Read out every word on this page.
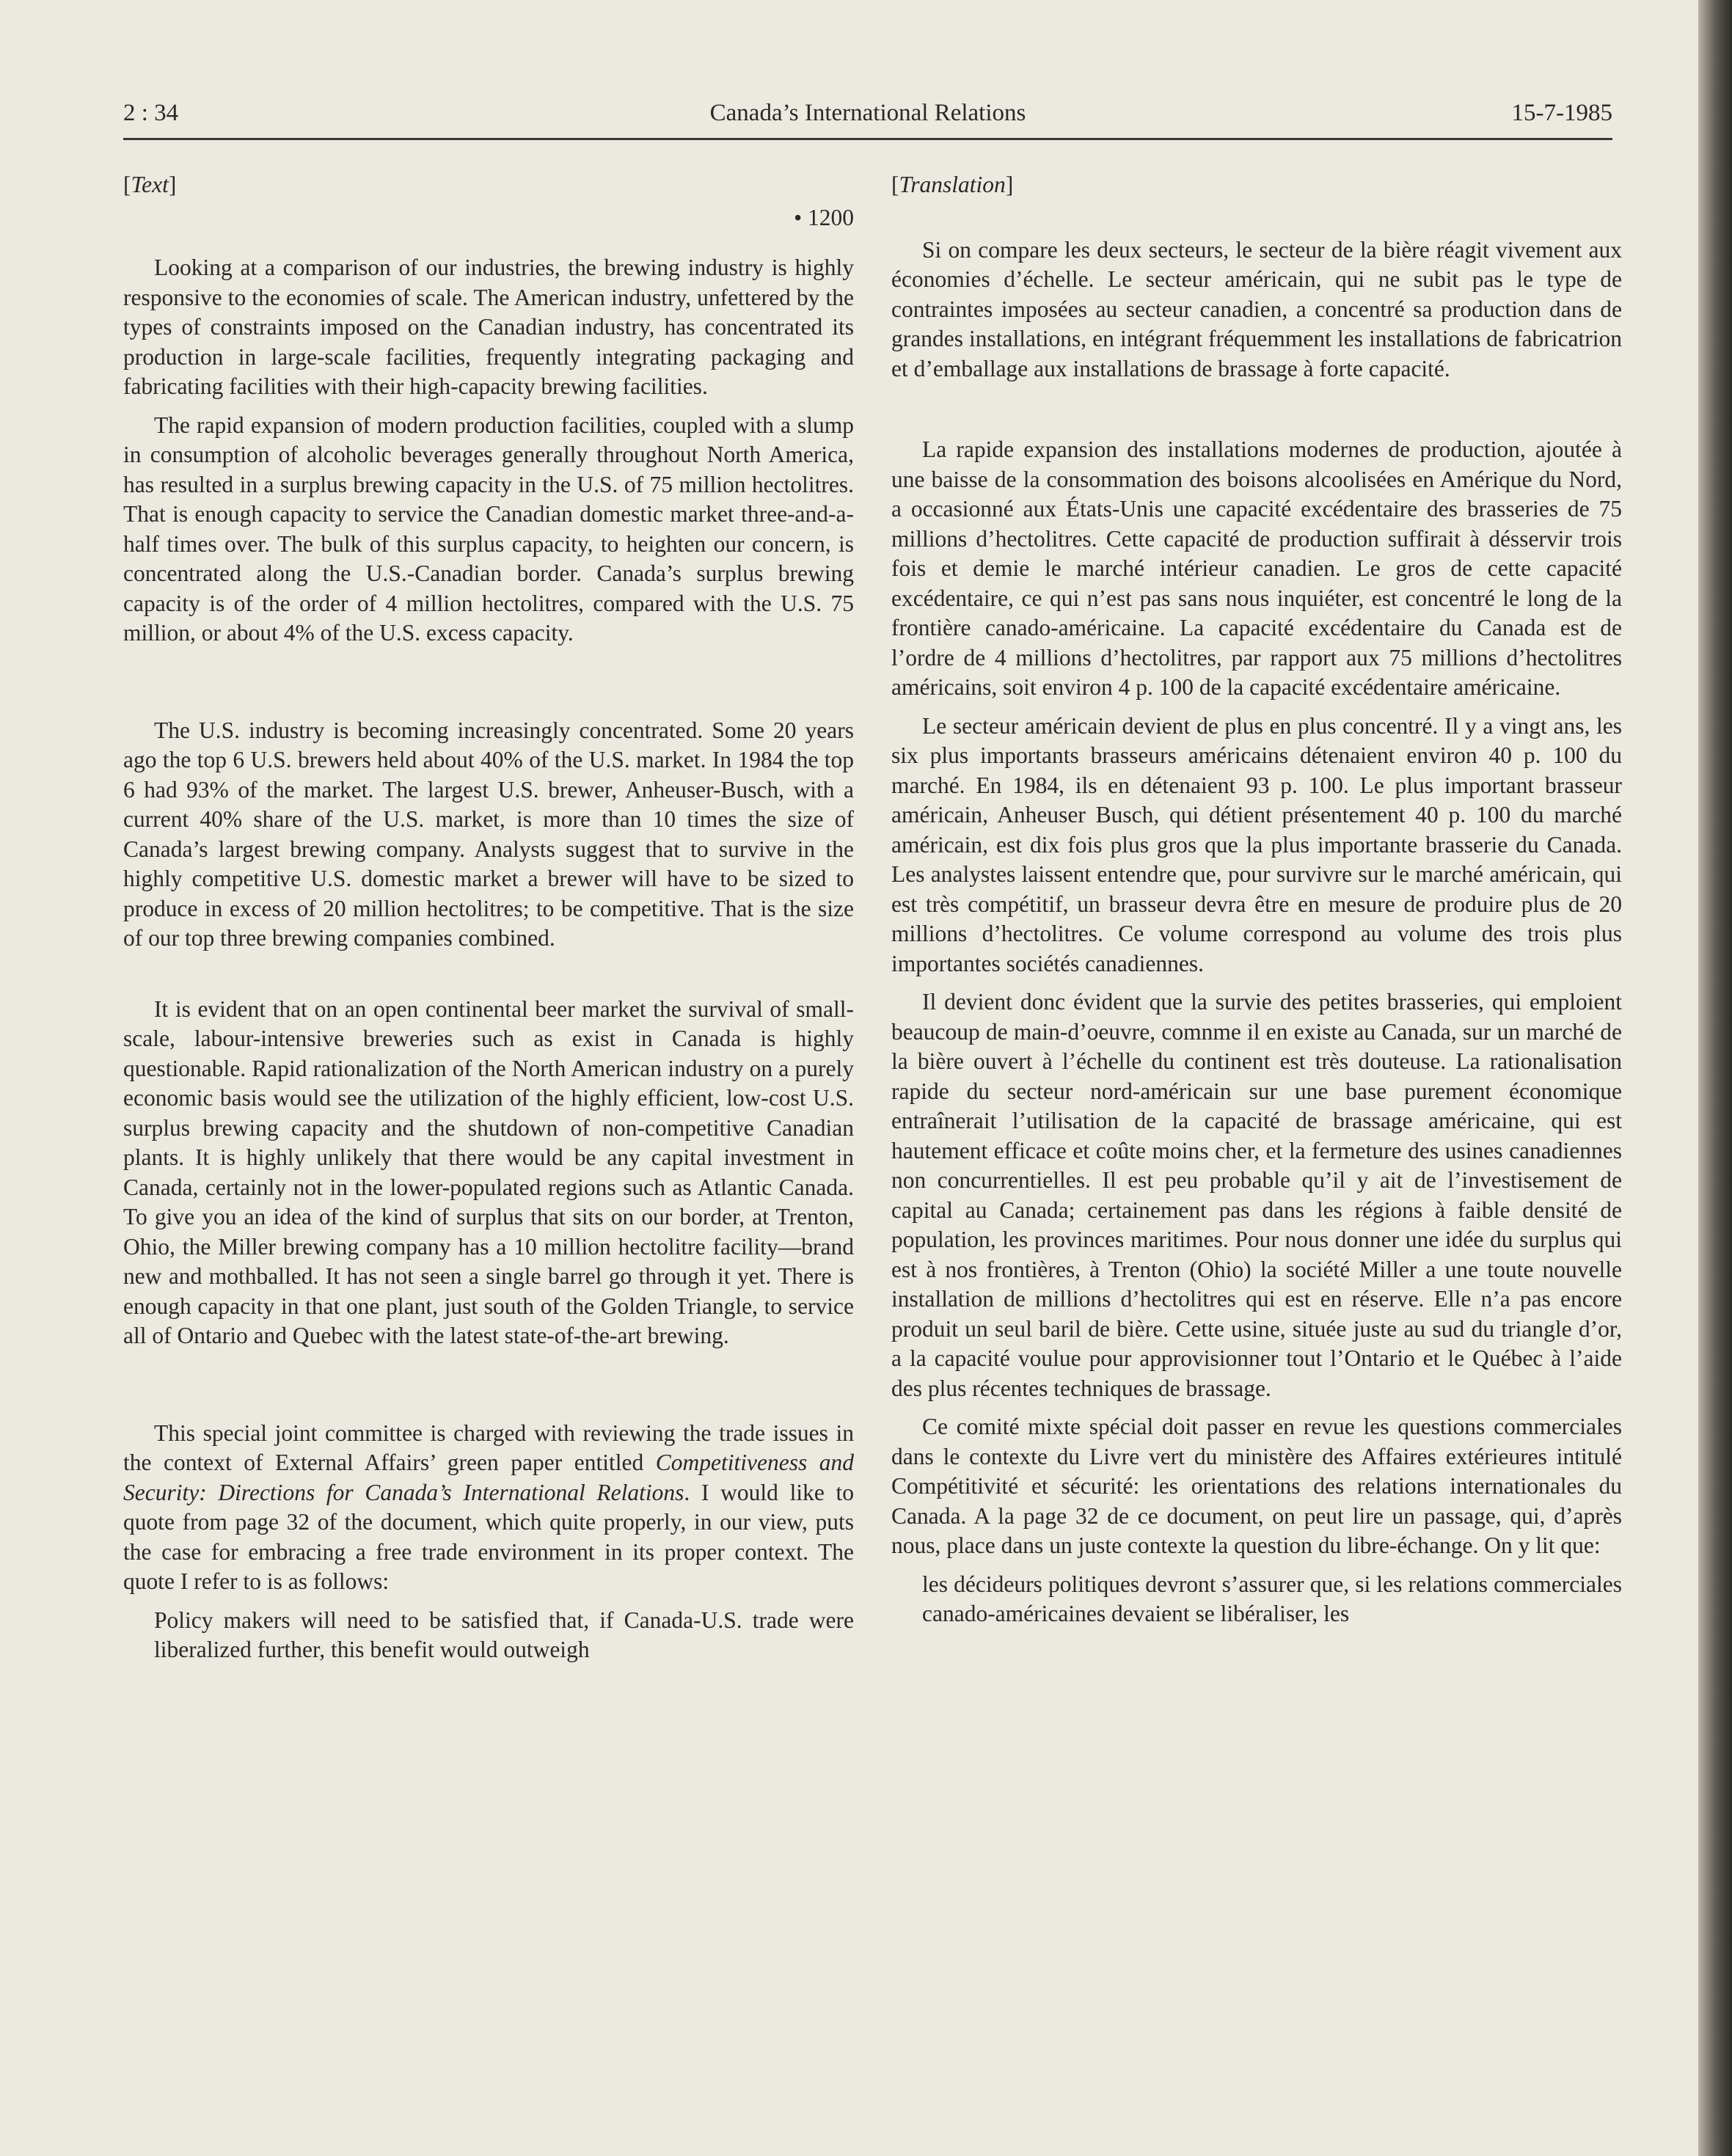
2 : 34	Canada’s International Relations	15-7-1985
[Text]
• 1200

Looking at a comparison of our industries, the brewing industry is highly responsive to the economies of scale. The American industry, unfettered by the types of constraints imposed on the Canadian industry, has concentrated its production in large-scale facilities, frequently integrating packaging and fabricating facilities with their high-capacity brewing facilities.

The rapid expansion of modern production facilities, coupled with a slump in consumption of alcoholic beverages generally throughout North America, has resulted in a surplus brewing capacity in the U.S. of 75 million hectolitres. That is enough capacity to service the Canadian domestic market three-and-a-half times over. The bulk of this surplus capacity, to heighten our concern, is concentrated along the U.S.-Canadian border. Canada’s surplus brewing capacity is of the order of 4 million hectolitres, compared with the U.S. 75 million, or about 4% of the U.S. excess capacity.

The U.S. industry is becoming increasingly concentrated. Some 20 years ago the top 6 U.S. brewers held about 40% of the U.S. market. In 1984 the top 6 had 93% of the market. The largest U.S. brewer, Anheuser-Busch, with a current 40% share of the U.S. market, is more than 10 times the size of Canada’s largest brewing company. Analysts suggest that to survive in the highly competitive U.S. domestic market a brewer will have to be sized to produce in excess of 20 million hectolitres; to be competitive. That is the size of our top three brewing companies combined.

It is evident that on an open continental beer market the survival of small-scale, labour-intensive breweries such as exist in Canada is highly questionable. Rapid rationalization of the North American industry on a purely economic basis would see the utilization of the highly efficient, low-cost U.S. surplus brewing capacity and the shutdown of non-competitive Canadian plants. It is highly unlikely that there would be any capital investment in Canada, certainly not in the lower-populated regions such as Atlantic Canada. To give you an idea of the kind of surplus that sits on our border, at Trenton, Ohio, the Miller brewing company has a 10 million hectolitre facility—brand new and mothballed. It has not seen a single barrel go through it yet. There is enough capacity in that one plant, just south of the Golden Triangle, to service all of Ontario and Quebec with the latest state-of-the-art brewing.

This special joint committee is charged with reviewing the trade issues in the context of External Affairs’ green paper entitled Competitiveness and Security: Directions for Canada’s International Relations. I would like to quote from page 32 of the document, which quite properly, in our view, puts the case for embracing a free trade environment in its proper context. The quote I refer to is as follows:

Policy makers will need to be satisfied that, if Canada-U.S. trade were liberalized further, this benefit would outweigh

[Translation]

Si on compare les deux secteurs, le secteur de la bière réagit vivement aux économies d’échelle. Le secteur américain, qui ne subit pas le type de contraintes imposées au secteur canadien, a concentré sa production dans de grandes installations, en intégrant fréquemment les installations de fabricatrion et d’emballage aux installations de brassage à forte capacité.

La rapide expansion des installations modernes de production, ajoutée à une baisse de la consommation des boisons alcoolisées en Amérique du Nord, a occasionné aux États-Unis une capacité excédentaire des brasseries de 75 millions d’hectolitres. Cette capacité de production suffirait à désservir trois fois et demie le marché intérieur canadien. Le gros de cette capacité excédentaire, ce qui n’est pas sans nous inquiéter, est concentré le long de la frontière canado-américaine. La capacité excédentaire du Canada est de l’ordre de 4 millions d’hectolitres, par rapport aux 75 millions d’hectolitres américains, soit environ 4 p. 100 de la capacité excédentaire américaine.

Le secteur américain devient de plus en plus concentré. Il y a vingt ans, les six plus importants brasseurs américains détenaient environ 40 p. 100 du marché. En 1984, ils en détenaient 93 p. 100. Le plus important brasseur américain, Anheuser Busch, qui détient présentement 40 p. 100 du marché américain, est dix fois plus gros que la plus importante brasserie du Canada. Les analystes laissent entendre que, pour survivre sur le marché américain, qui est très compétitif, un brasseur devra être en mesure de produire plus de 20 millions d’hectolitres. Ce volume correspond au volume des trois plus importantes sociétés canadiennes.

Il devient donc évident que la survie des petites brasseries, qui emploient beaucoup de main-d’oeuvre, comnme il en existe au Canada, sur un marché de la bière ouvert à l’échelle du continent est très douteuse. La rationalisation rapide du secteur nord-américain sur une base purement économique entraînerait l’utilisation de la capacité de brassage américaine, qui est hautement efficace et coûte moins cher, et la fermeture des usines canadiennes non concurrentielles. Il est peu probable qu’il y ait de l’investisement de capital au Canada; certainement pas dans les régions à faible densité de population, les provinces maritimes. Pour nous donner une idée du surplus qui est à nos frontières, à Trenton (Ohio) la société Miller a une toute nouvelle installation de millions d’hectolitres qui est en réserve. Elle n’a pas encore produit un seul baril de bière. Cette usine, située juste au sud du triangle d’or, a la capacité voulue pour approvisionner tout l’Ontario et le Québec à l’aide des plus récentes techniques de brassage.

Ce comité mixte spécial doit passer en revue les questions commerciales dans le contexte du Livre vert du ministère des Affaires extérieures intitulé Compétitivité et sécurité: les orientations des relations internationales du Canada. A la page 32 de ce document, on peut lire un passage, qui, d’après nous, place dans un juste contexte la question du libre-échange. On y lit que:

les décideurs politiques devront s’assurer que, si les relations commerciales canado-américaines devaient se libéraliser, les
